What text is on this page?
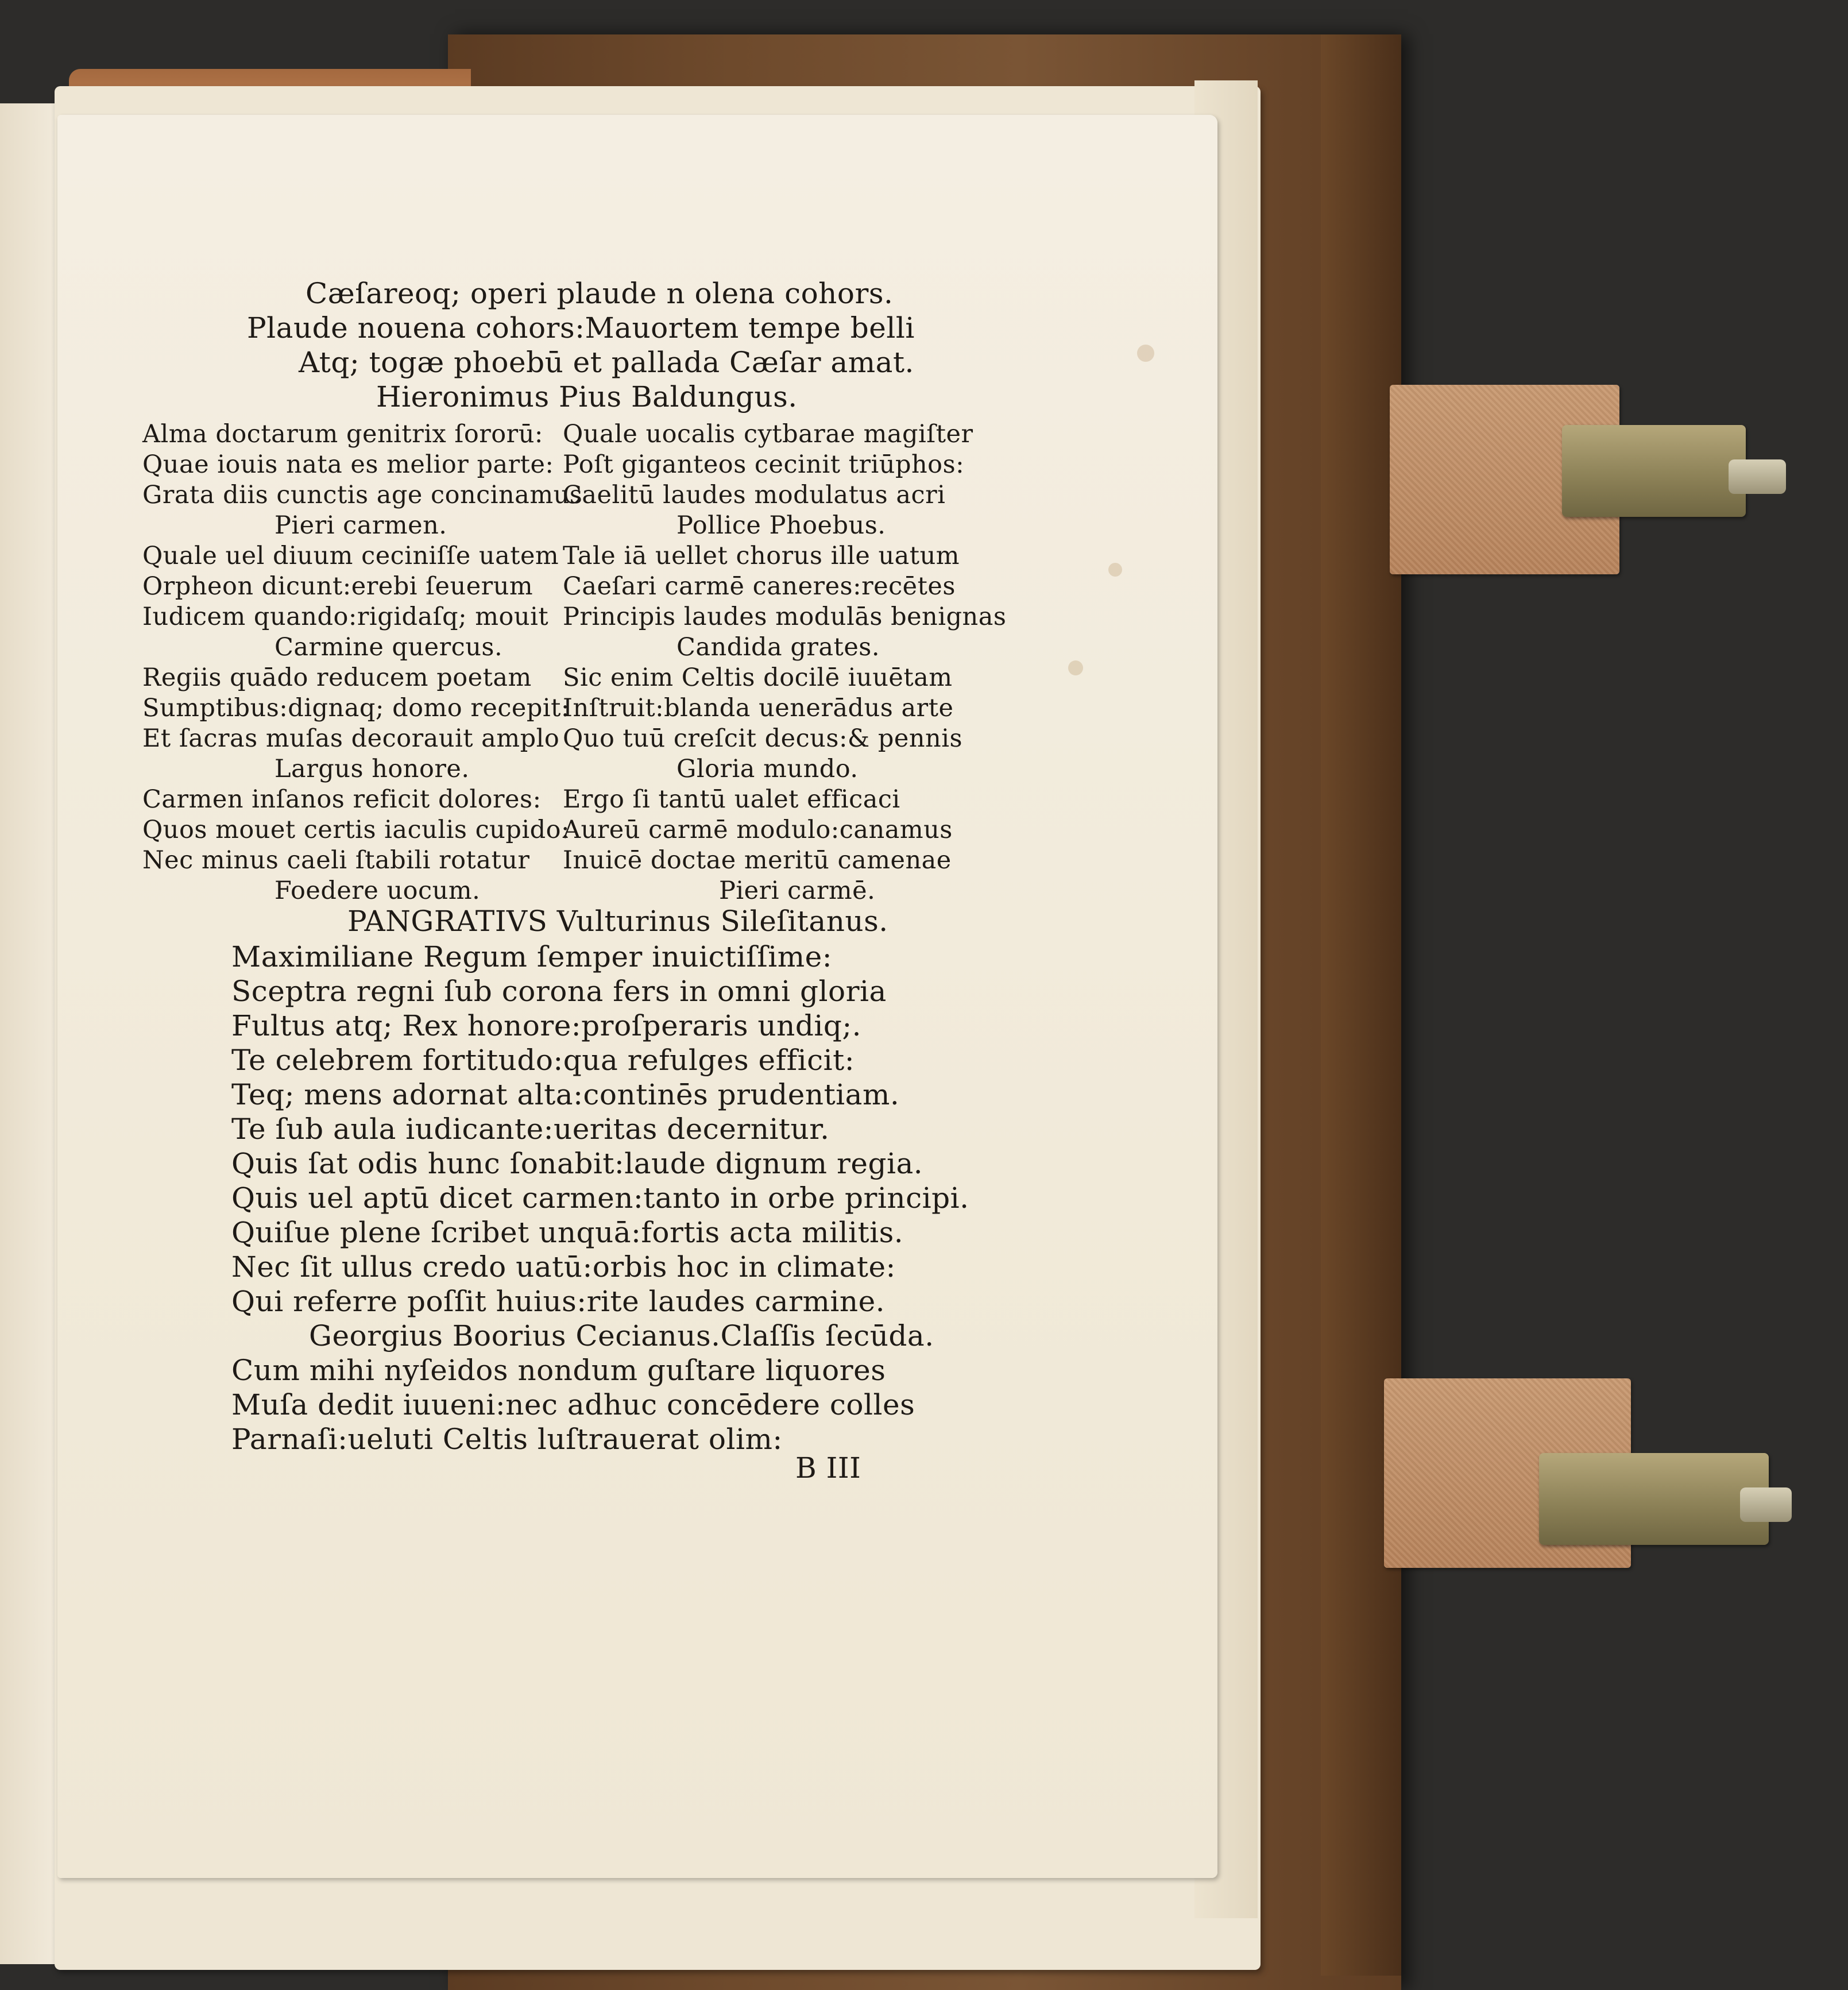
Cæſareoq; operi plaude n olena cohors.
Plaude nouena cohors:Mauortem tempe belli
Atq; togæ phoebū et pallada Cæſar amat.
Hieronimus Pius Baldungus.
Alma doctarum genitrix ſororū:
Quae iouis nata es melior parte:
Grata diis cunctis age concinamus
Pieri carmen.
Quale uel diuum ceciniſſe uatem
Orpheon dicunt:erebi ſeuerum
Iudicem quando:rigidaſq; mouit
Carmine quercus.
Regiis quādo reducem poetam
Sumptibus:dignaq; domo recepit:
Et ſacras muſas decorauit amplo
Largus honore.
Carmen inſanos reficit dolores:
Quos mouet certis iaculis cupido:
Nec minus caeli ſtabili rotatur
Foedere uocum.
Quale uocalis cytbarae magiſter
Poſt giganteos cecinit triūphos:
Caelitū laudes modulatus acri
Pollice Phoebus.
Tale iā uellet chorus ille uatum
Caeſari carmē caneres:recētes
Principis laudes modulās benignas
Candida grates.
Sic enim Celtis docilē iuuētam
Inſtruit:blanda uenerādus arte
Quo tuū creſcit decus:& pennis
Gloria mundo.
Ergo ſi tantū ualet efficaci
Aureū carmē modulo:canamus
Inuicē doctae meritū camenae
Pieri carmē.
PANGRATIVS Vulturinus Sileſitanus.
Maximiliane Regum ſemper inuictiſſime:
Sceptra regni ſub corona fers in omni gloria
Fultus atq; Rex honore:proſperaris undiq;.
Te celebrem fortitudo:qua refulges efficit:
Teq; mens adornat alta:continēs prudentiam.
Te ſub aula iudicante:ueritas decernitur.
Quis ſat odis hunc ſonabit:laude dignum regia.
Quis uel aptū dicet carmen:tanto in orbe principi.
Quiſue plene ſcribet unquā:fortis acta militis.
Nec ſit ullus credo uatū:orbis hoc in climate:
Qui referre poſſit huius:rite laudes carmine.
Georgius Boorius Cecianus.Claſſis ſecūda.
Cum mihi nyſeidos nondum guſtare liquores
Muſa dedit iuueni:nec adhuc concēdere colles
Parnaſi:ueluti Celtis luſtrauerat olim:
B III
